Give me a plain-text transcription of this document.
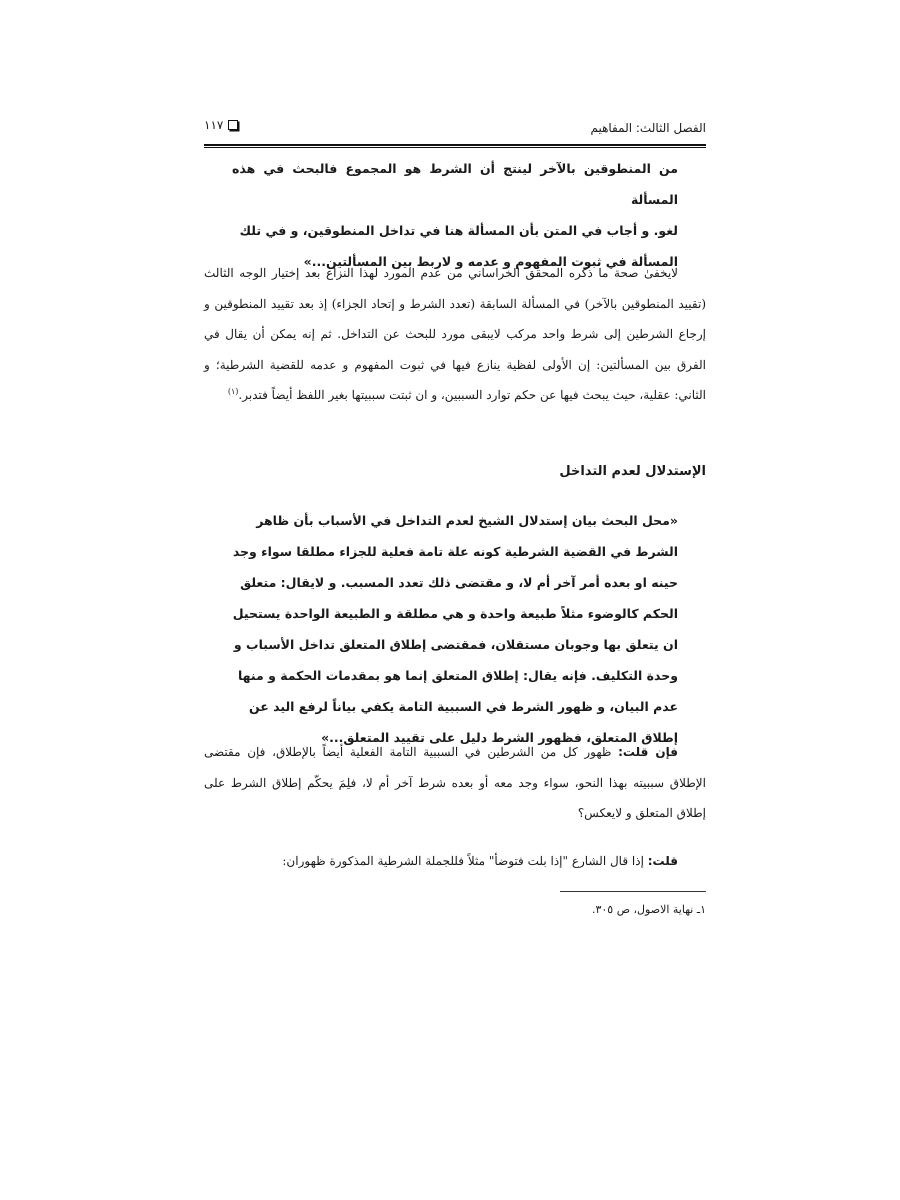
الفصل الثالث: المفاهيم
١١٧

من المنطوقين بالآخر لينتج أن الشرط هو المجموع فالبحث في هذه المسألة

لغو. و أجاب في المتن بأن المسألة هنا في تداخل المنطوقين، و في تلك

المسألة في ثبوت المفهوم و عدمه و لاربط بين المسألتين...»

لايخفىٰ صحة ما ذكره المحقق الخراساني من عدم المورد لهذا النزاع بعد إختيار الوجه الثالث (تقييد المنطوقين بالآخر) في المسألة السابقة (تعدد الشرط و إتحاد الجزاء) إذ بعد تقييد المنطوقين و إرجاع الشرطين إلى شرط واحد مركب لايبقى مورد للبحث عن التداخل. ثم إنه يمكن أن يقال في الفرق بين المسألتين: إن الأولى لفظية ينازع فيها في ثبوت المفهوم و عدمه للقضية الشرطية؛ و الثاني: عقلية، حيث يبحث فيها عن حكم توارد السببين، و ان ثبتت سببيتها بغير اللفظ أيضاً فتدبر.$^{(١)}$

الإستدلال لعدم التداخل

«محل البحث بيان إستدلال الشيخ لعدم التداخل في الأسباب بأن ظاهر

الشرط في القضية الشرطية كونه علة تامة فعلية للجزاء مطلقا سواء وجد

حينه او بعده أمر آخر أم لا، و مقتضى ذلك تعدد المسبب. و لايقال: متعلق

الحكم كالوضوء مثلاً طبيعة واحدة و هي مطلقة و الطبيعة الواحدة يستحيل

ان يتعلق بها وجوبان مستقلان، فمقتضى إطلاق المتعلق تداخل الأسباب و

وحدة التكليف. فإنه يقال: إطلاق المتعلق إنما هو بمقدمات الحكمة و منها

عدم البيان، و ظهور الشرط في السببية التامة يكفي بياناً لرفع اليد عن

إطلاق المتعلق، فظهور الشرط دليل على تقييد المتعلق...»

فإن قلت: ظهور كل من الشرطين في السببية التامة الفعلية أيضاً بالإطلاق، فإن مقتضى الإطلاق سببيته بهذا النحو، سواء وجد معه أو بعده شرط آخر أم لا، فلِمَ يحكّم إطلاق الشرط على إطلاق المتعلق و لايعكس؟

قلت: إذا قال الشارع "إذا بلت فتوضأ" مثلاً فللجملة الشرطية المذكورة ظهوران:

١ـ نهاية الاصول، ص ٣٠٥.
